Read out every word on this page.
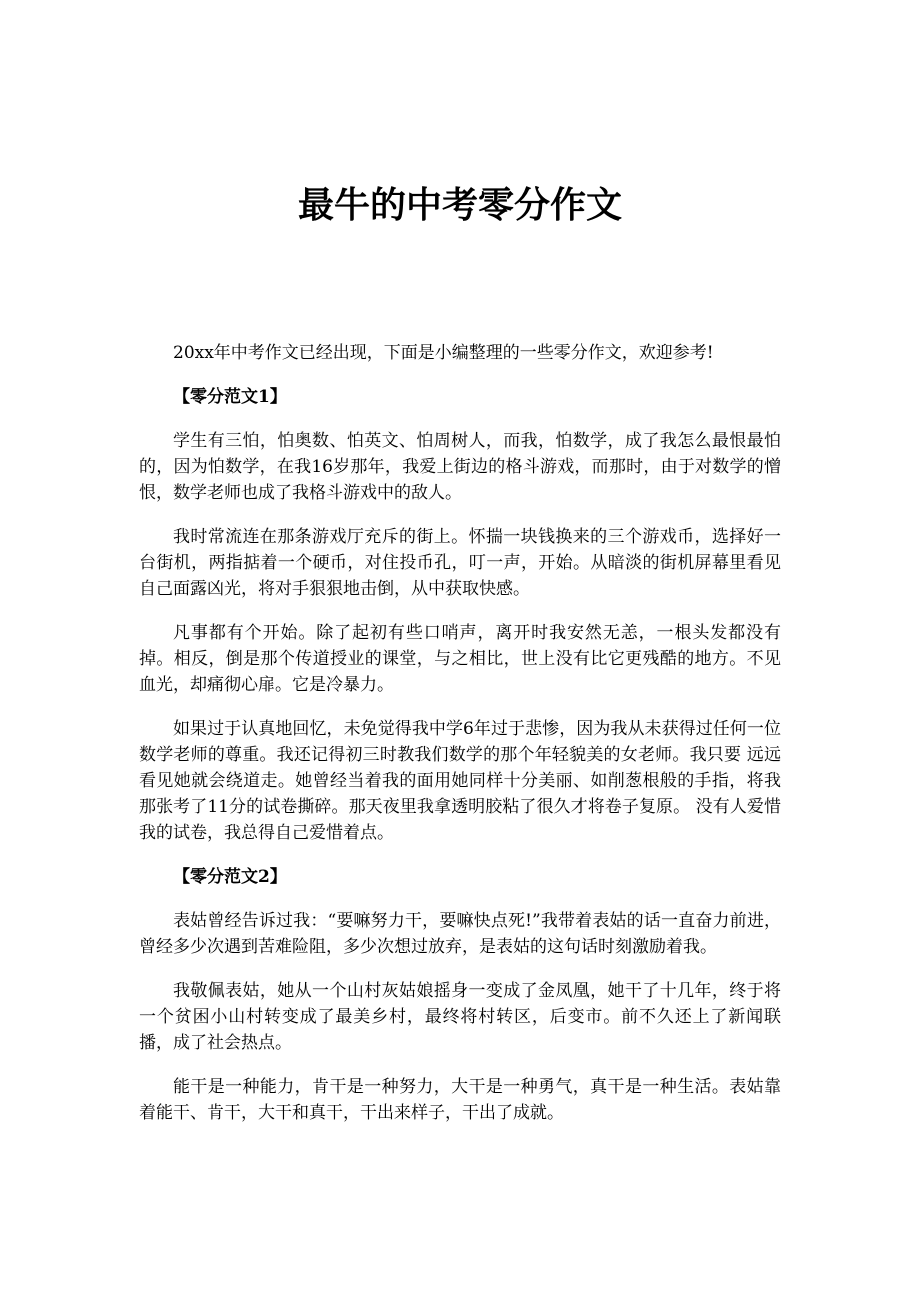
最牛的中考零分作文

20xx年中考作文已经出现，下面是小编整理的一些零分作文，欢迎参考!

【零分范文1】

学生有三怕，怕奥数、怕英文、怕周树人，而我，怕数学，成了我怎么最恨最怕的，因为怕数学，在我16岁那年，我爱上街边的格斗游戏，而那时，由于对数学的憎恨，数学老师也成了我格斗游戏中的敌人。

我时常流连在那条游戏厅充斥的街上。怀揣一块钱换来的三个游戏币，选择好一台街机，两指掂着一个硬币，对住投币孔，叮一声，开始。从暗淡的街机屏幕里看见自己面露凶光，将对手狠狠地击倒，从中获取快感。

凡事都有个开始。除了起初有些口哨声，离开时我安然无恙，一根头发都没有掉。相反，倒是那个传道授业的课堂，与之相比，世上没有比它更残酷的地方。不见血光，却痛彻心扉。它是冷暴力。

如果过于认真地回忆，未免觉得我中学6年过于悲惨，因为我从未获得过任何一位数学老师的尊重。我还记得初三时教我们数学的那个年轻貌美的女老师。我只要 远远看见她就会绕道走。她曾经当着我的面用她同样十分美丽、如削葱根般的手指，将我那张考了11分的试卷撕碎。那天夜里我拿透明胶粘了很久才将卷子复原。 没有人爱惜我的试卷，我总得自己爱惜着点。

【零分范文2】

表姑曾经告诉过我：“要嘛努力干，要嘛快点死!”我带着表姑的话一直奋力前进，曾经多少次遇到苦难险阻，多少次想过放弃，是表姑的这句话时刻激励着我。

我敬佩表姑，她从一个山村灰姑娘摇身一变成了金凤凰，她干了十几年，终于将一个贫困小山村转变成了最美乡村，最终将村转区，后变市。前不久还上了新闻联播，成了社会热点。

能干是一种能力，肯干是一种努力，大干是一种勇气，真干是一种生活。表姑靠着能干、肯干，大干和真干，干出来样子，干出了成就。
